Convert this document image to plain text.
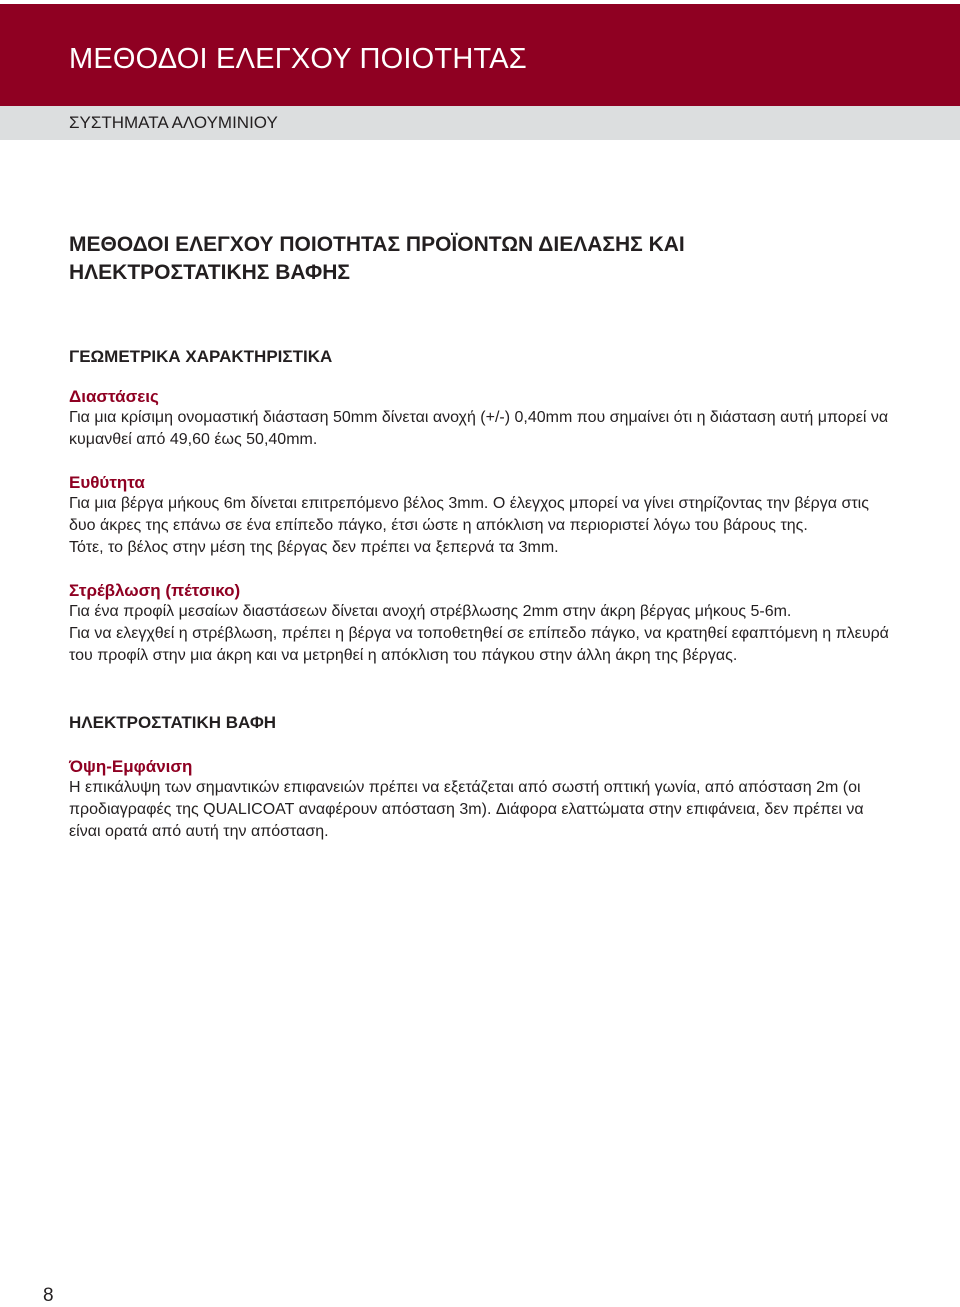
ΜΕΘΟΔΟΙ ΕΛΕΓΧΟΥ ΠΟΙΟΤΗΤΑΣ
ΣΥΣΤΗΜΑΤΑ ΑΛΟΥΜΙΝΙΟΥ
ΜΕΘΟΔΟΙ ΕΛΕΓΧΟΥ ΠΟΙΟΤΗΤΑΣ ΠΡΟΪΟΝΤΩΝ ΔΙΕΛΑΣΗΣ ΚΑΙ
ΗΛΕΚΤΡΟΣΤΑΤΙΚΗΣ ΒΑΦΗΣ
ΓΕΩΜΕΤΡΙΚΑ ΧΑΡΑΚΤΗΡΙΣΤΙΚΑ
Διαστάσεις

Για μια κρίσιμη ονομαστική διάσταση 50mm δίνεται ανοχή (+/-) 0,40mm που σημαίνει ότι η διάσταση αυτή μπορεί να κυμανθεί από 49,60 έως 50,40mm.

Ευθύτητα

Για μια βέργα μήκους 6m δίνεται επιτρεπόμενο βέλος 3mm. Ο έλεγχος μπορεί να γίνει στηρίζοντας την βέργα στις δυο άκρες της επάνω σε ένα επίπεδο πάγκο, έτσι ώστε η απόκλιση να περιοριστεί λόγω του βάρους της.

Τότε, το βέλος στην μέση της βέργας δεν πρέπει να ξεπερνά τα 3mm.

Στρέβλωση (πέτσικο)

Για ένα προφίλ μεσαίων διαστάσεων δίνεται ανοχή στρέβλωσης 2mm στην άκρη βέργας μήκους 5-6m.

Για να ελεγχθεί η στρέβλωση, πρέπει η βέργα να τοποθετηθεί σε επίπεδο πάγκο, να κρατηθεί εφαπτόμενη η πλευρά του προφίλ στην μια άκρη και να μετρηθεί η απόκλιση του πάγκου στην άλλη άκρη της βέργας.

ΗΛΕΚΤΡΟΣΤΑΤΙΚΗ ΒΑΦΗ
Όψη-Εμφάνιση

Η επικάλυψη των σημαντικών επιφανειών πρέπει να εξετάζεται από σωστή οπτική γωνία, από απόσταση 2m (οι προδιαγραφές της QUALICOAT αναφέρουν απόσταση 3m). Διάφορα ελαττώματα στην επιφάνεια, δεν πρέπει να είναι ορατά από αυτή την απόσταση.

8
